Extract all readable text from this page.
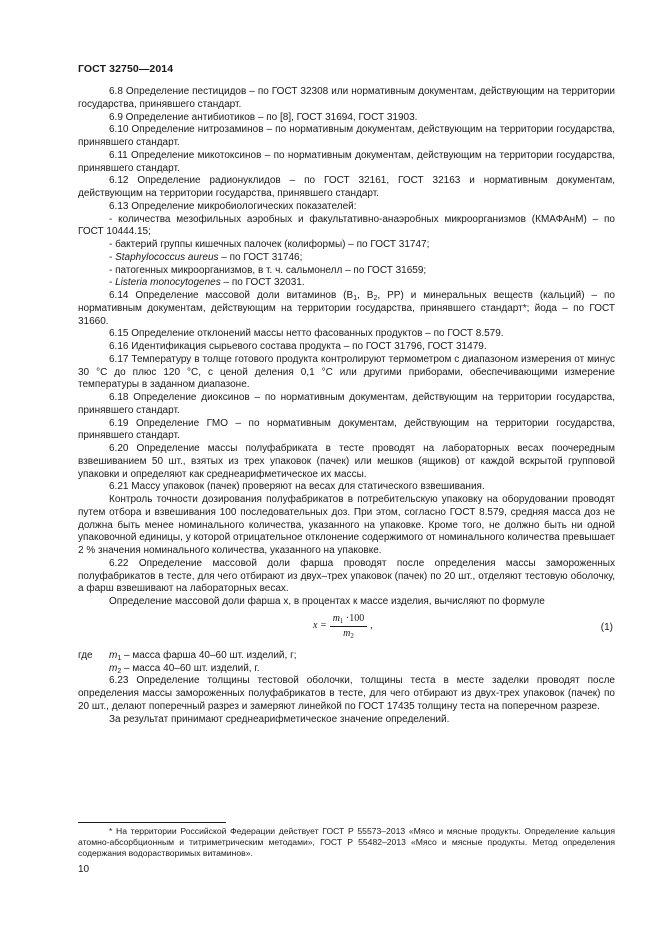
ГОСТ 32750—2014

6.8 Определение пестицидов – по ГОСТ 32308 или нормативным документам, действующим на территории государства, принявшего стандарт.

6.9 Определение антибиотиков – по [8], ГОСТ 31694, ГОСТ 31903.

6.10 Определение нитрозаминов – по нормативным документам, действующим на территории государства, принявшего стандарт.

6.11 Определение микотоксинов – по нормативным документам, действующим на территории государства, принявшего стандарт.

6.12 Определение радионуклидов – по ГОСТ 32161, ГОСТ 32163 и нормативным документам, действующим на территории государства, принявшего стандарт.

6.13 Определение микробиологических показателей:

- количества мезофильных аэробных и факультативно-анаэробных микроорганизмов (КМАФАнМ) – по ГОСТ 10444.15;

- бактерий группы кишечных палочек (колиформы) – по ГОСТ 31747;

- Staphylococcus aureus – по ГОСТ 31746;

- патогенных микроорганизмов, в т. ч. сальмонелл – по ГОСТ 31659;

- Listeria monocytogenes – по ГОСТ 32031.

6.14 Определение массовой доли витаминов ($В_1$, $В_2$, РР) и минеральных веществ (кальций) – по нормативным документам, действующим на территории государства, принявшего стандарт*; йода – по ГОСТ 31660.

6.15 Определение отклонений массы нетто фасованных продуктов – по ГОСТ 8.579.

6.16 Идентификация сырьевого состава продукта – по ГОСТ 31796, ГОСТ 31479.

6.17 Температуру в толще готового продукта контролируют термометром с диапазоном измерения от минус 30 °С до плюс 120 °С, с ценой деления 0,1 °С или другими приборами, обеспечивающими измерение температуры в заданном диапазоне.

6.18 Определение диоксинов – по нормативным документам, действующим на территории государства, принявшего стандарт.

6.19 Определение ГМО – по нормативным документам, действующим на территории государства, принявшего стандарт.

6.20 Определение массы полуфабриката в тесте проводят на лабораторных весах поочередным взвешиванием 50 шт., взятых из трех упаковок (пачек) или мешков (ящиков) от каждой вскрытой групповой упаковки и определяют как среднеарифметическое их массы.

6.21 Массу упаковок (пачек) проверяют на весах для статического взвешивания.

Контроль точности дозирования полуфабрикатов в потребительскую упаковку на оборудовании проводят путем отбора и взвешивания 100 последовательных доз. При этом, согласно ГОСТ 8.579, средняя масса доз не должна быть менее номинального количества, указанного на упаковке. Кроме того, не должно быть ни одной упаковочной единицы, у которой отрицательное отклонение содержимого от номинального количества превышает 2 % значения номинального количества, указанного на упаковке.

6.22 Определение массовой доли фарша проводят после определения массы замороженных полуфабрикатов в тесте, для чего отбирают из двух–трех упаковок (пачек) по 20 шт., отделяют тестовую оболочку, а фарш взвешивают на лабораторных весах.

Определение массовой доли фарша х, в процентах к массе изделия, вычисляют по формуле

$x = \frac{m_1 \cdot 100}{m_2}$ ,	(1)
где $m_1$ – масса фарша 40–60 шт. изделий, г;

$m_2$ – масса 40–60 шт. изделий, г.

6.23 Определение толщины тестовой оболочки, толщины теста в месте заделки проводят после определения массы замороженных полуфабрикатов в тесте, для чего отбирают из двух-трех упаковок (пачек) по 20 шт., делают поперечный разрез и замеряют линейкой по ГОСТ 17435 толщину теста на поперечном разрезе.

За результат принимают среднеарифметическое значение определений.

* На территории Российской Федерации действует ГОСТ Р 55573–2013 «Мясо и мясные продукты. Определение кальция атомно-абсорбционным и титриметрическим методами», ГОСТ Р 55482–2013 «Мясо и мясные продукты. Метод определения содержания водорастворимых витаминов».

10
